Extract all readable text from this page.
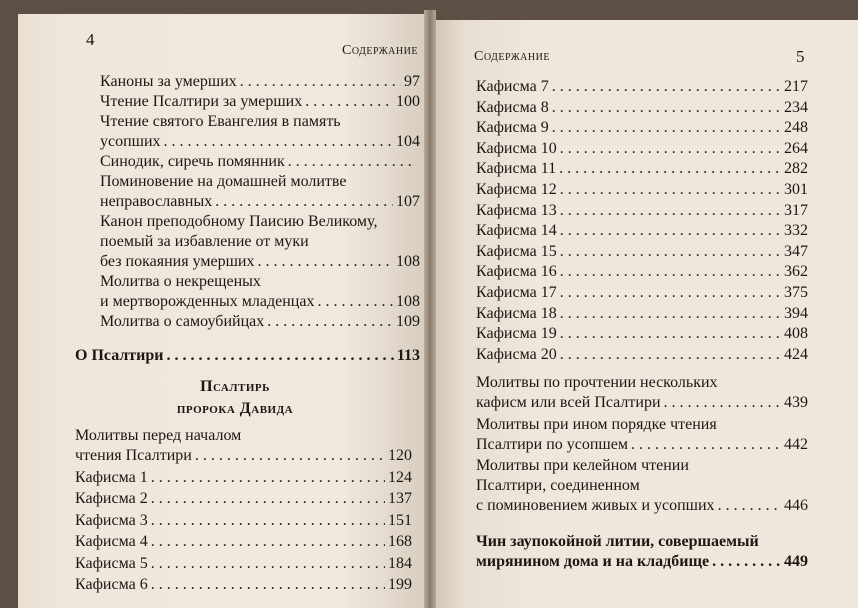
4
Содержание	Содержание	5
Каноны за умерших . . .	97
Чтение Псалтири за умерших . . .	100
Чтение святого Евангелия в память
усопших . . .	104
Синодик, сиречь помянник
. . .
Поминовение на домашней молитве
неправославных . . .	107
Канон преподобному Паисию Великому,
поемый за избавление от муки
без покаяния умерших . . .	108
Молитва о некрещеных
и мертворожденных младенцах . . .	108
Молитва о самоубийцах . . .	109
О Псалтири . . .	113
Псалтирь
пророка Давида
Молитвы перед началом
чтения Псалтири . . .	120
Кафисма 1 . . .	124
Кафисма 2 . . .	137
Кафисма 3 . . .	151
Кафисма 4 . . .	168
Кафисма 5 . . .	184
Кафисма 6 . . .	199
Кафисма 7 . . .	217
Кафисма 8 . . .	234
Кафисма 9 . . .	248
Кафисма 10 . . .	264
Кафисма 11 . . .	282
Кафисма 12 . . .	301
Кафисма 13 . . .	317
Кафисма 14 . . .	332
Кафисма 15 . . .	347
Кафисма 16 . . .	362
Кафисма 17 . . .	375
Кафисма 18 . . .	394
Кафисма 19 . . .	408
Кафисма 20 . . .	424
Молитвы по прочтении нескольких
кафисм или всей Псалтири . . .	439
Молитвы при ином порядке чтения
Псалтири по усопшем . . .	442
Молитвы при келейном чтении
Псалтири, соединенном
с поминовением живых и усопших . . .	446
Чин заупокойной литии, совершаемый
мирянином дома и на кладбище . . .	449
